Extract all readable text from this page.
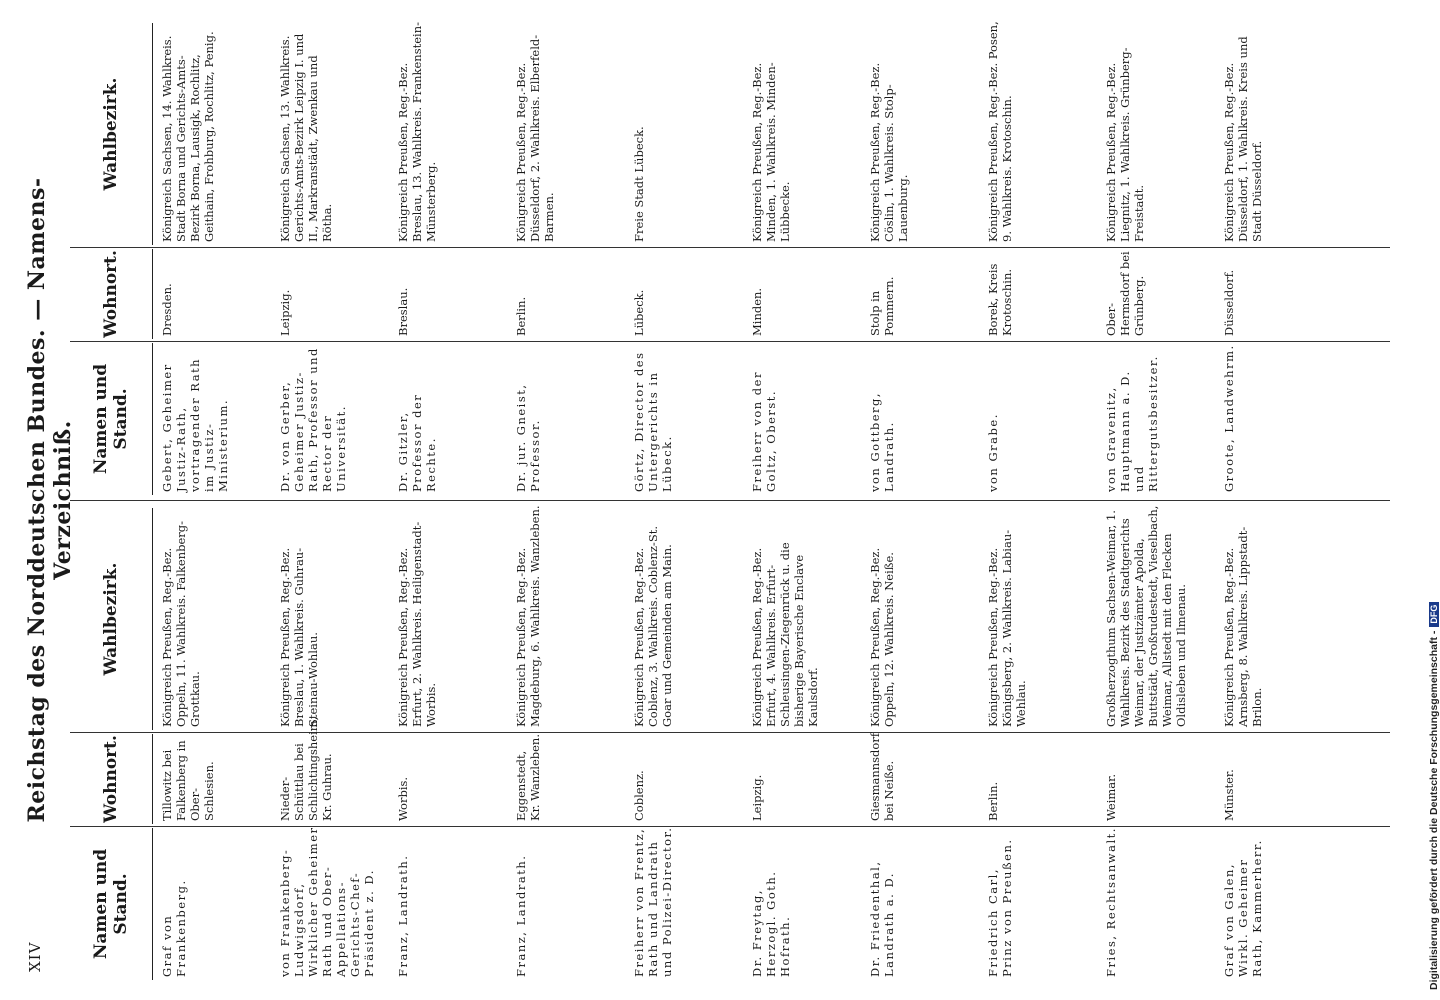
XIV
Reichstag des Norddeutschen Bundes. — Namens-Verzeichniß.
Namen und Stand.
Wohnort.
Wahlbezirk.
Graf von Frankenberg.
Tillowitz bei Falkenberg in Ober-Schlesien.
Königreich Preußen, Reg.-Bez. Oppeln, 11. Wahlkreis. Falkenberg-Grottkau.
von Frankenberg-Ludwigsdorf, Wirklicher Geheimer Rath und Ober-Appellations-Gerichts-Chef-Präsident z. D.
Nieder-Schüttlau bei Schlichtingsheim, Kr. Guhrau.
Königreich Preußen, Reg.-Bez. Breslau, 1. Wahlkreis. Guhrau-Steinau-Wohlau.
Franz, Landrath.
Worbis.
Königreich Preußen, Reg.-Bez. Erfurt, 2. Wahlkreis. Heiligenstadt-Worbis.
Franz, Landrath.
Eggenstedt, Kr. Wanzleben.
Königreich Preußen, Reg.-Bez. Magdeburg, 6. Wahlkreis. Wanzleben.
Freiherr von Frentz, Rath und Landrath und Polizei-Director.
Coblenz.
Königreich Preußen, Reg.-Bez. Coblenz, 3. Wahlkreis. Coblenz-St. Goar und Gemeinden am Main.
Dr. Freytag, Herzogl. Goth. Hofrath.
Leipzig.
Königreich Preußen, Reg.-Bez. Erfurt, 4. Wahlkreis. Erfurt-Schleusingen-Ziegenrück u. die bisherige Bayerische Enclave Kaulsdorf.
Dr. Friedenthal, Landrath a. D.
Giesmannsdorf bei Neiße.
Königreich Preußen, Reg.-Bez. Oppeln, 12. Wahlkreis. Neiße.
Friedrich Carl, Prinz von Preußen.
Berlin.
Königreich Preußen, Reg.-Bez. Königsberg, 2. Wahlkreis. Labiau-Wehlau.
Fries, Rechtsanwalt.
Weimar.
Großherzogthum Sachsen-Weimar, 1. Wahlkreis. Bezirk des Stadtgerichts Weimar, der Justizämter Apolda, Buttstädt, Großrudestedt, Vieselbach, Weimar, Allstedt mit den Flecken Oldisleben und Ilmenau.
Graf von Galen, Wirkl. Geheimer Rath, Kammerherr.
Münster.
Königreich Preußen, Reg.-Bez. Arnsberg, 8. Wahlkreis. Lippstadt-Brilon.
Namen und Stand.
Wohnort.
Wahlbezirk.
Gebert, Geheimer Justiz-Rath, vortragender Rath im Justiz-Ministerium.
Dresden.
Königreich Sachsen, 14. Wahlkreis. Stadt Borna und Gerichts-Amts-Bezirk Borna, Lausigk, Rochlitz, Geithain, Frohburg, Rochlitz, Penig.
Dr. von Gerber, Geheimer Justiz-Rath, Professor und Rector der Universität.
Leipzig.
Königreich Sachsen, 13. Wahlkreis. Gerichts-Amts-Bezirk Leipzig I. und II., Markranstädt, Zwenkau und Rötha.
Dr. Gitzler, Professor der Rechte.
Breslau.
Königreich Preußen, Reg.-Bez. Breslau, 13. Wahlkreis. Frankenstein-Münsterberg.
Dr. jur. Gneist, Professor.
Berlin.
Königreich Preußen, Reg.-Bez. Düsseldorf, 2. Wahlkreis. Elberfeld-Barmen.
Görtz, Director des Untergerichts in Lübeck.
Lübeck.
Freie Stadt Lübeck.
Freiherr von der Goltz, Oberst.
Minden.
Königreich Preußen, Reg.-Bez. Minden, 1. Wahlkreis. Minden-Lübbecke.
von Gottberg, Landrath.
Stolp in Pommern.
Königreich Preußen, Reg.-Bez. Cöslin, 1. Wahlkreis. Stolp-Lauenburg.
von Grabe.
Borek, Kreis Krotoschin.
Königreich Preußen, Reg.-Bez. Posen, 9. Wahlkreis. Krotoschin.
von Gravenitz, Hauptmann a. D. und Rittergutsbesitzer.
Ober-Hermsdorf bei Grünberg.
Königreich Preußen, Reg.-Bez. Liegnitz, 1. Wahlkreis. Grünberg-Freistadt.
Groote, Landwehrm.
Düsseldorf.
Königreich Preußen, Reg.-Bez. Düsseldorf, 1. Wahlkreis. Kreis und Stadt Düsseldorf.
Digitalisierung gefördert durch die Deutsche Forschungsgemeinschaft -DFG
